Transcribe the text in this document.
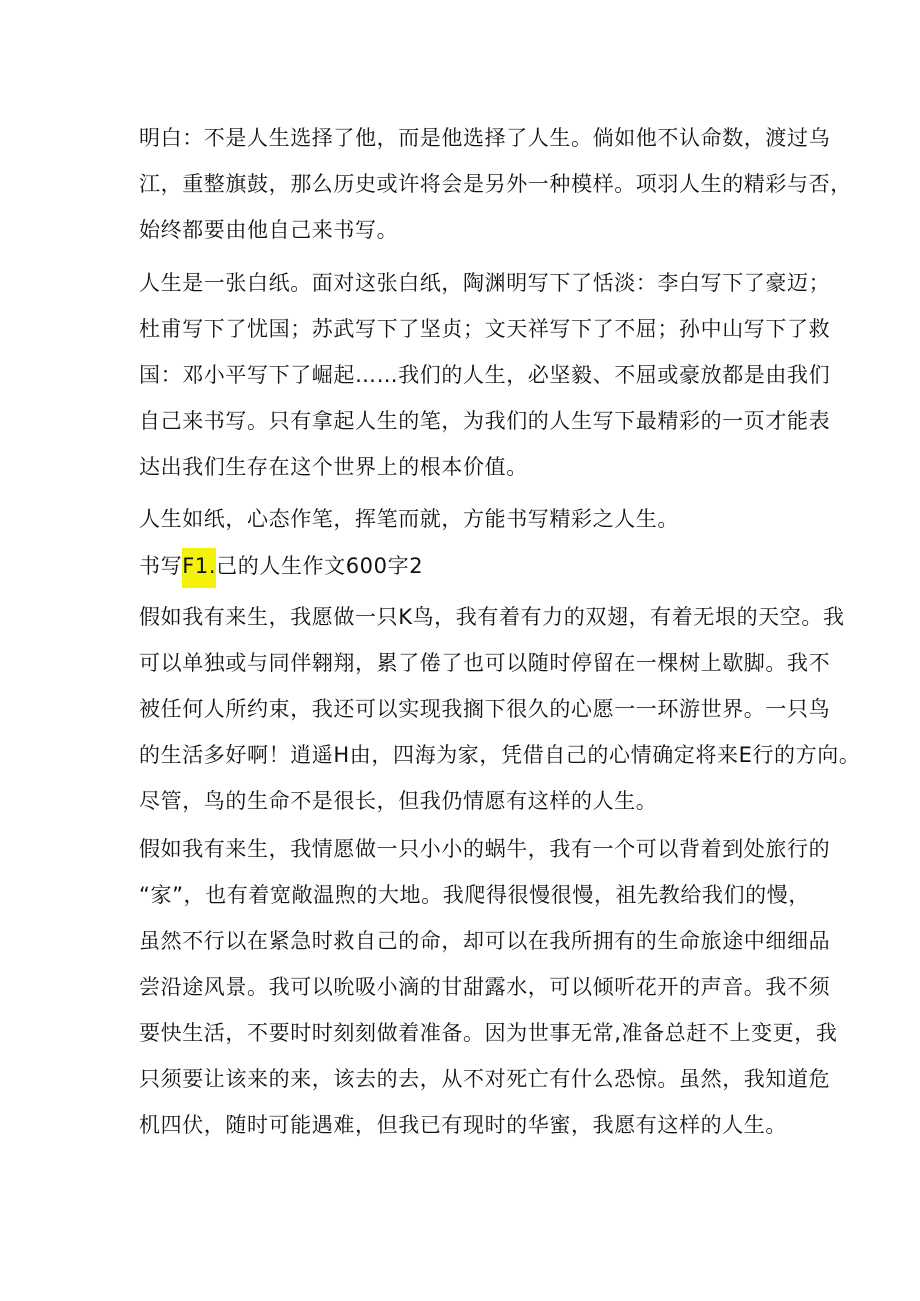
明白：不是人生选择了他，而是他选择了人生。倘如他不认命数，渡过乌
江，重整旗鼓，那么历史或许将会是另外一种模样。项羽人生的精彩与否，
始终都要由他自己来书写。
人生是一张白纸。面对这张白纸，陶渊明写下了恬淡：李白写下了豪迈；
杜甫写下了忧国；苏武写下了坚贞；文天祥写下了不屈；孙中山写下了救
国：邓小平写下了崛起……我们的人生，必坚毅、不屈或豪放都是由我们
自己来书写。只有拿起人生的笔，为我们的人生写下最精彩的一页才能表
达出我们生存在这个世界上的根本价值。
人生如纸，心态作笔，挥笔而就，方能书写精彩之人生。
书写F1.己的人生作文600字2
假如我有来生，我愿做一只K鸟，我有着有力的双翅，有着无垠的天空。我
可以单独或与同伴翱翔，累了倦了也可以随时停留在一棵树上歇脚。我不
被任何人所约束，我还可以实现我搁下很久的心愿一一环游世界。一只鸟
的生活多好啊！逍遥H由，四海为家，凭借自己的心情确定将来E行的方向。
尽管，鸟的生命不是很长，但我仍情愿有这样的人生。
假如我有来生，我情愿做一只小小的蜗牛，我有一个可以背着到处旅行的
“家”，也有着宽敞温煦的大地。我爬得很慢很慢，祖先教给我们的慢，
虽然不行以在紧急时救自己的命，却可以在我所拥有的生命旅途中细细品
尝沿途风景。我可以吮吸小滴的甘甜露水，可以倾听花开的声音。我不须
要快生活，不要时时刻刻做着准备。因为世事无常,准备总赶不上变更，我
只须要让该来的来，该去的去，从不对死亡有什么恐惊。虽然，我知道危
机四伏，随时可能遇难，但我已有现时的华蜜，我愿有这样的人生。
